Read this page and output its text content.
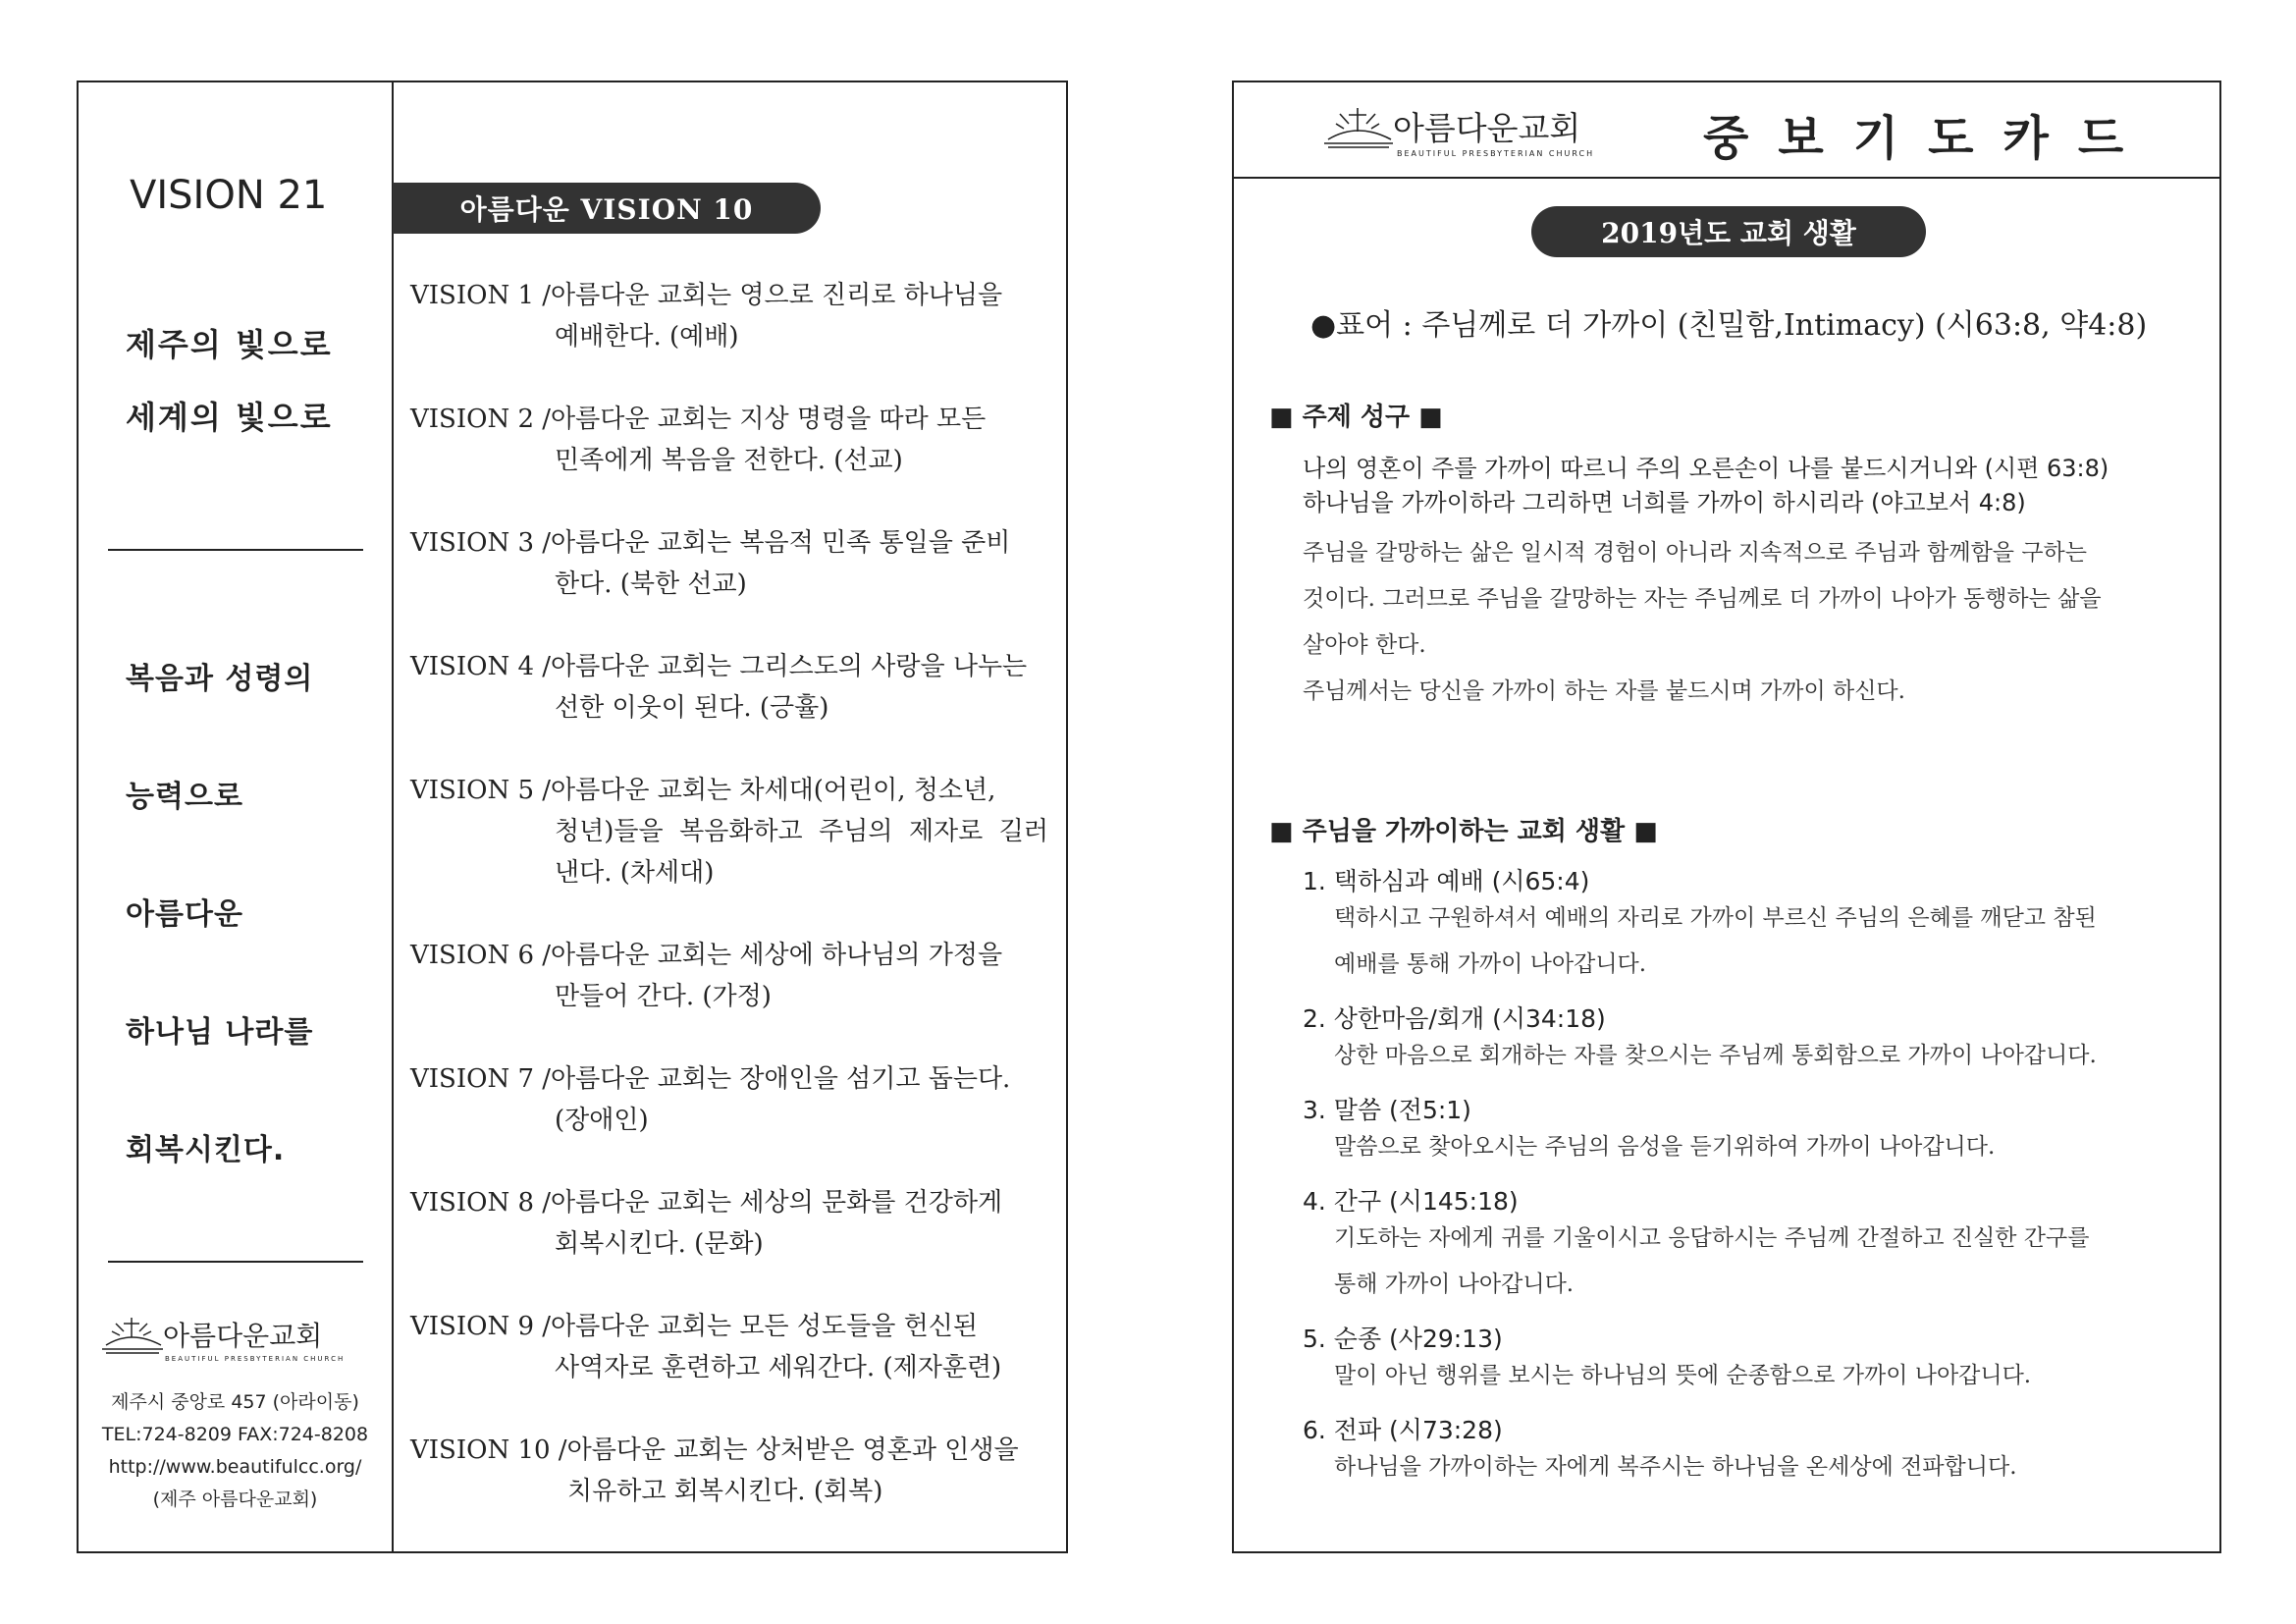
VISION 21
제주의 빛으로
세계의 빛으로
복음과 성령의
능력으로
아름다운
하나님 나라를
회복시킨다.
아름다운교회
BEAUTIFUL PRESBYTERIAN CHURCH
제주시 중앙로 457 (아라이동)
TEL:724-8209 FAX:724-8208
http://www.beautifulcc.org/
(제주 아름다운교회)
아름다운 VISION 10
VISION 1 / 아름다운 교회는 영으로 진리로 하나님을
예배한다. (예배)
VISION 2 / 아름다운 교회는 지상 명령을 따라 모든
민족에게 복음을 전한다. (선교)
VISION 3 / 아름다운 교회는 복음적 민족 통일을 준비
한다. (북한 선교)
VISION 4 / 아름다운 교회는 그리스도의 사랑을 나누는
선한 이웃이 된다. (긍휼)
VISION 5 / 아름다운 교회는 차세대(어린이, 청소년,
청년)들을 복음화하고 주님의 제자로 길러 낸다. (차세대)
VISION 6 / 아름다운 교회는 세상에 하나님의 가정을
만들어 간다. (가정)
VISION 7 / 아름다운 교회는 장애인을 섬기고 돕는다.
(장애인)
VISION 8 / 아름다운 교회는 세상의 문화를 건강하게
회복시킨다. (문화)
VISION 9 / 아름다운 교회는 모든 성도들을 헌신된
사역자로 훈련하고 세워간다. (제자훈련)
VISION 10 / 아름다운 교회는 상처받은 영혼과 인생을
치유하고 회복시킨다. (회복)
아름다운교회
BEAUTIFUL PRESBYTERIAN CHURCH 중보기도카드
2019년도 교회 생활
●표어 : 주님께로 더 가까이 (친밀함,Intimacy) (시63:8, 약4:8)
■ 주제 성구 ■
나의 영혼이 주를 가까이 따르니 주의 오른손이 나를 붙드시거니와 (시편 63:8)
하나님을 가까이하라 그리하면 너희를 가까이 하시리라 (야고보서 4:8)
주님을 갈망하는 삶은 일시적 경험이 아니라 지속적으로 주님과 함께함을 구하는
것이다. 그러므로 주님을 갈망하는 자는 주님께로 더 가까이 나아가 동행하는 삶을
살아야 한다.
주님께서는 당신을 가까이 하는 자를 붙드시며 가까이 하신다.
■ 주님을 가까이하는 교회 생활 ■
1. 택하심과 예배 (시65:4)
택하시고 구원하셔서 예배의 자리로 가까이 부르신 주님의 은혜를 깨닫고 참된
예배를 통해 가까이 나아갑니다.
2. 상한마음/회개 (시34:18)
상한 마음으로 회개하는 자를 찾으시는 주님께 통회함으로 가까이 나아갑니다.
3. 말씀 (전5:1)
말씀으로 찾아오시는 주님의 음성을 듣기위하여 가까이 나아갑니다.
4. 간구 (시145:18)
기도하는 자에게 귀를 기울이시고 응답하시는 주님께 간절하고 진실한 간구를
통해 가까이 나아갑니다.
5. 순종 (사29:13)
말이 아닌 행위를 보시는 하나님의 뜻에 순종함으로 가까이 나아갑니다.
6. 전파 (시73:28)
하나님을 가까이하는 자에게 복주시는 하나님을 온세상에 전파합니다.
